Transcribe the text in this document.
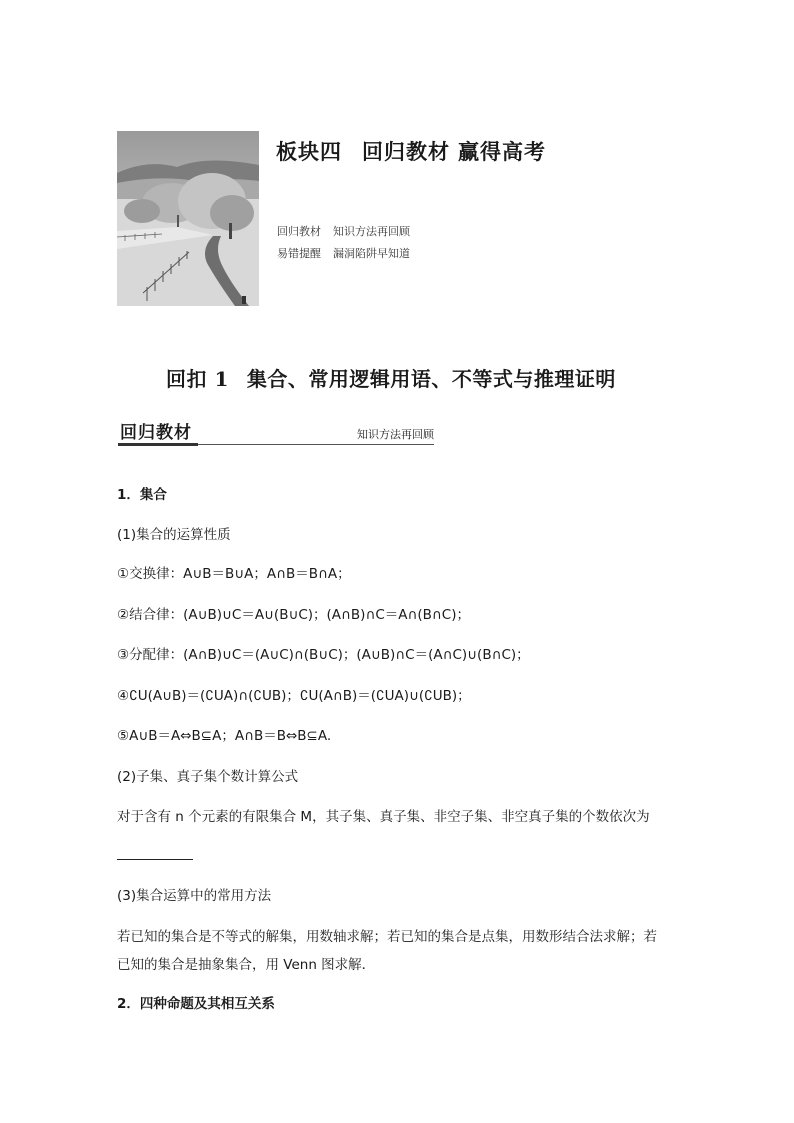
板块四 回归教材 赢得高考
回归教材 知识方法再回顾
易错提醒 漏洞陷阱早知道
回扣 1 集合、常用逻辑用语、不等式与推理证明
回归教材	知识方法再回顾
1．集合
(1)集合的运算性质
①交换律：A∪B＝B∪A；A∩B＝B∩A；
②结合律：(A∪B)∪C＝A∪(B∪C)；(A∩B)∩C＝A∩(B∩C)；
③分配律：(A∩B)∪C＝(A∪C)∩(B∪C)；(A∪B)∩C＝(A∩C)∪(B∩C)；
④∁U(A∪B)＝(∁UA)∩(∁UB)；∁U(A∩B)＝(∁UA)∪(∁UB)；
⑤A∪B＝A⇔B⊆A；A∩B＝B⇔B⊆A.
(2)子集、真子集个数计算公式
对于含有 n 个元素的有限集合 M，其子集、真子集、非空子集、非空真子集的个数依次为
(3)集合运算中的常用方法
若已知的集合是不等式的解集，用数轴求解；若已知的集合是点集，用数形结合法求解；若
已知的集合是抽象集合，用 Venn 图求解．
2．四种命题及其相互关系
